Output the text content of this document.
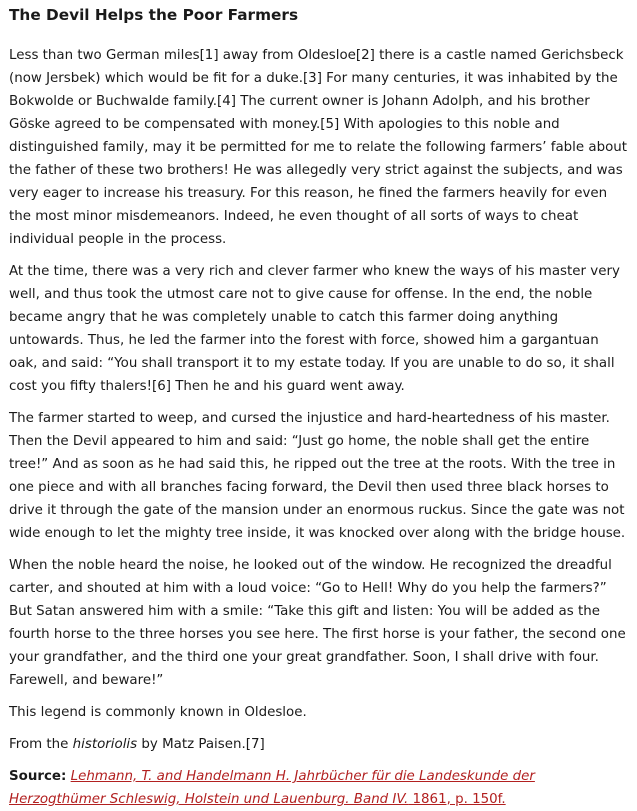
The Devil Helps the Poor Farmers

Less than two German miles[1] away from Oldesloe[2] there is a castle named Gerichsbeck (now Jersbek) which would be fit for a duke.[3] For many centuries, it was inhabited by the Bokwolde or Buchwalde family.[4] The current owner is Johann Adolph, and his brother Göske agreed to be compensated with money.[5] With apologies to this noble and distinguished family, may it be permitted for me to relate the following farmers’ fable about the father of these two brothers! He was allegedly very strict against the subjects, and was very eager to increase his treasury. For this reason, he fined the farmers heavily for even the most minor misdemeanors. Indeed, he even thought of all sorts of ways to cheat individual people in the process.

At the time, there was a very rich and clever farmer who knew the ways of his master very well, and thus took the utmost care not to give cause for offense. In the end, the noble became angry that he was completely unable to catch this farmer doing anything untowards. Thus, he led the farmer into the forest with force, showed him a gargantuan oak, and said: “You shall transport it to my estate today. If you are unable to do so, it shall cost you fifty thalers![6] Then he and his guard went away.

The farmer started to weep, and cursed the injustice and hard-heartedness of his master. Then the Devil appeared to him and said: “Just go home, the noble shall get the entire tree!” And as soon as he had said this, he ripped out the tree at the roots. With the tree in one piece and with all branches facing forward, the Devil then used three black horses to drive it through the gate of the mansion under an enormous ruckus. Since the gate was not wide enough to let the mighty tree inside, it was knocked over along with the bridge house.

When the noble heard the noise, he looked out of the window. He recognized the dreadful carter, and shouted at him with a loud voice: “Go to Hell! Why do you help the farmers?” But Satan answered him with a smile: “Take this gift and listen: You will be added as the fourth horse to the three horses you see here. The first horse is your father, the second one your grandfather, and the third one your great grandfather. Soon, I shall drive with four. Farewell, and beware!”

This legend is commonly known in Oldesloe.

From the historiolis by Matz Paisen.[7]

Source: Lehmann, T. and Handelmann H. Jahrbücher für die Landeskunde der Herzogthümer Schleswig, Holstein und Lauenburg. Band IV. 1861, p. 150f.
